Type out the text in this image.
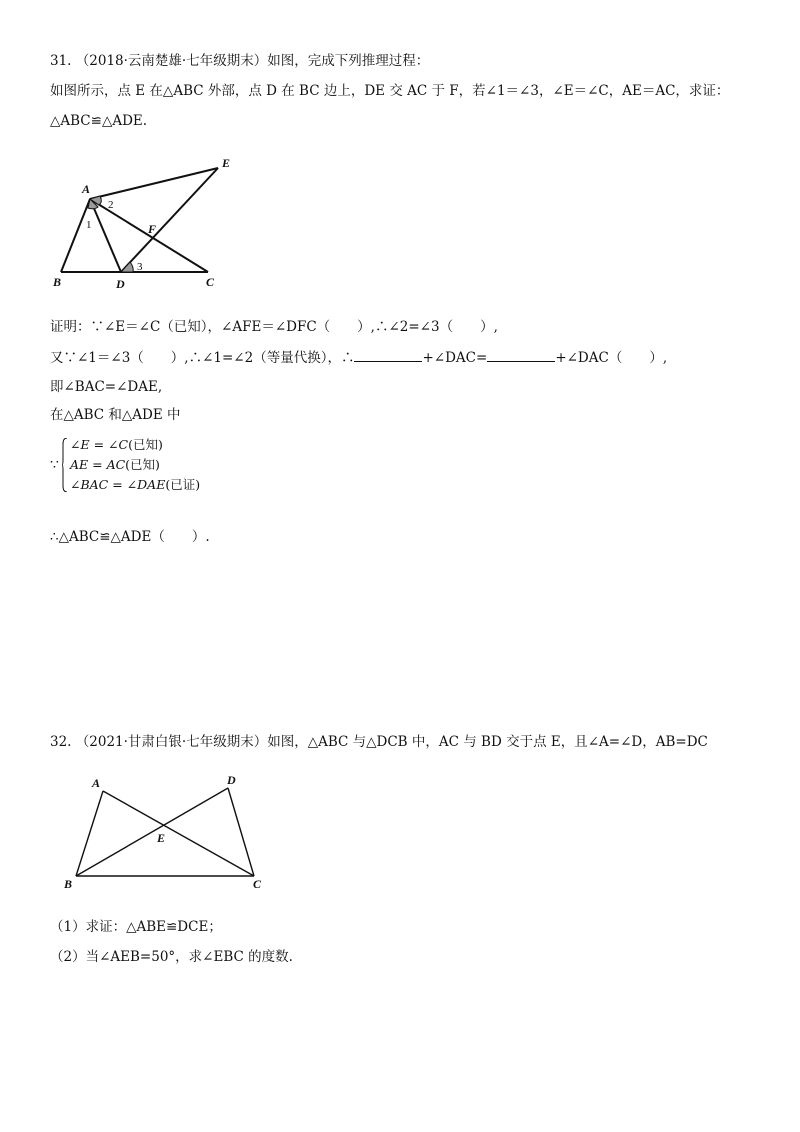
31. （2018·云南楚雄·七年级期末）如图，完成下列推理过程：
如图所示，点 E 在△ABC 外部，点 D 在 BC 边上，DE 交 AC 于 F，若∠1＝∠3，∠E＝∠C，AE＝AC，求证：
△ABC≌△ADE.
A
B	C
D
E
F
1
2
3
证明：∵∠E＝∠C（已知），∠AFE＝∠DFC（　　）,∴∠2=∠3（　　）,
又∵∠1＝∠3（　　）,∴∠1=∠2（等量代换），∴	+∠DAC=	+∠DAC（　　）,
即∠BAC=∠DAE,
在△ABC 和△ADE 中
∵
∠E = ∠C(已知)
AE = AC(已知)
∠BAC = ∠DAE(已证)
∴△ABC≌△ADE（　　）.
32. （2021·甘肃白银·七年级期末）如图，△ABC 与△DCB 中，AC 与 BD 交于点 E，且∠A=∠D，AB=DC
A
B	C
D
E
（1）求证：△ABE≌DCE；
（2）当∠AEB=50°，求∠EBC 的度数.
